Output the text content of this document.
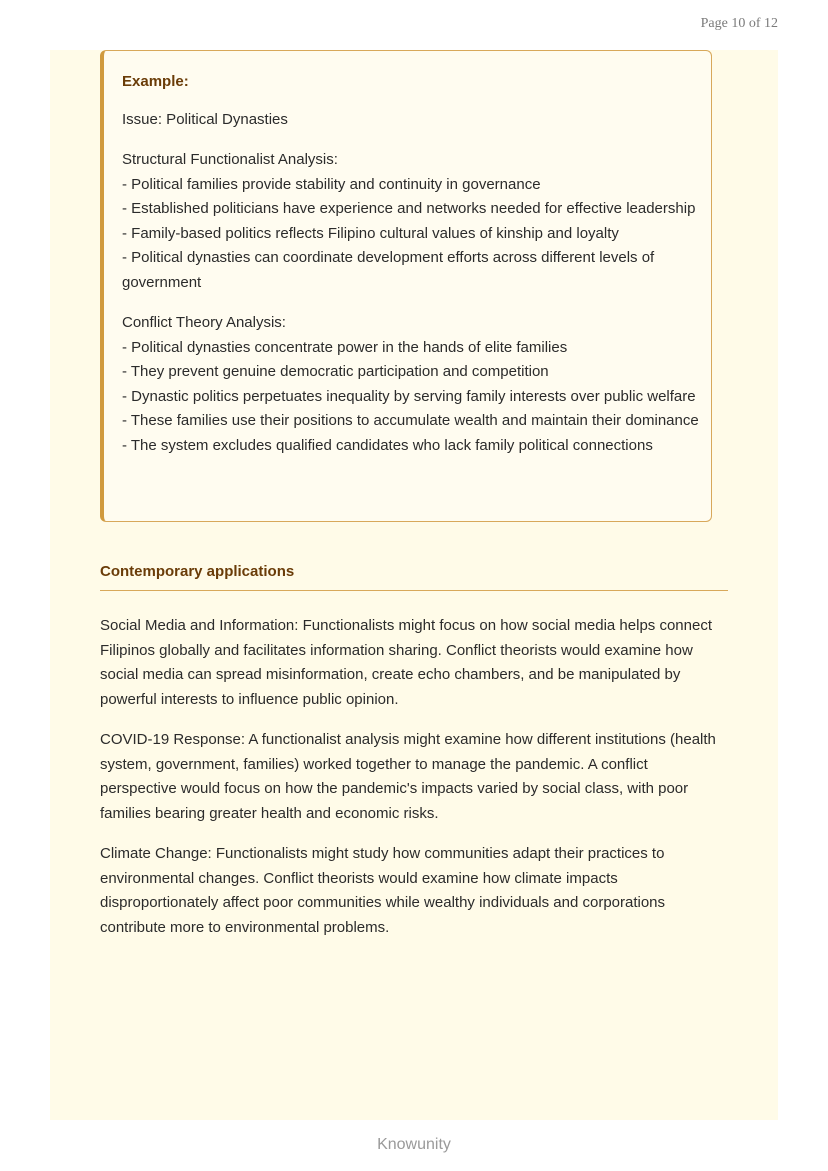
Page 10 of 12
Example:
Issue: Political Dynasties

Structural Functionalist Analysis:

- Political families provide stability and continuity in governance

- Established politicians have experience and networks needed for effective leadership

- Family-based politics reflects Filipino cultural values of kinship and loyalty

- Political dynasties can coordinate development efforts across different levels of government

Conflict Theory Analysis:

- Political dynasties concentrate power in the hands of elite families

- They prevent genuine democratic participation and competition

- Dynastic politics perpetuates inequality by serving family interests over public welfare

- These families use their positions to accumulate wealth and maintain their dominance

- The system excludes qualified candidates who lack family political connections

Contemporary applications

Social Media and Information: Functionalists might focus on how social media helps connect Filipinos globally and facilitates information sharing. Conflict theorists would examine how social media can spread misinformation, create echo chambers, and be manipulated by powerful interests to influence public opinion.

COVID-19 Response: A functionalist analysis might examine how different institutions (health system, government, families) worked together to manage the pandemic. A conflict perspective would focus on how the pandemic's impacts varied by social class, with poor families bearing greater health and economic risks.

Climate Change: Functionalists might study how communities adapt their practices to environmental changes. Conflict theorists would examine how climate impacts disproportionately affect poor communities while wealthy individuals and corporations contribute more to environmental problems.

Knowunity
